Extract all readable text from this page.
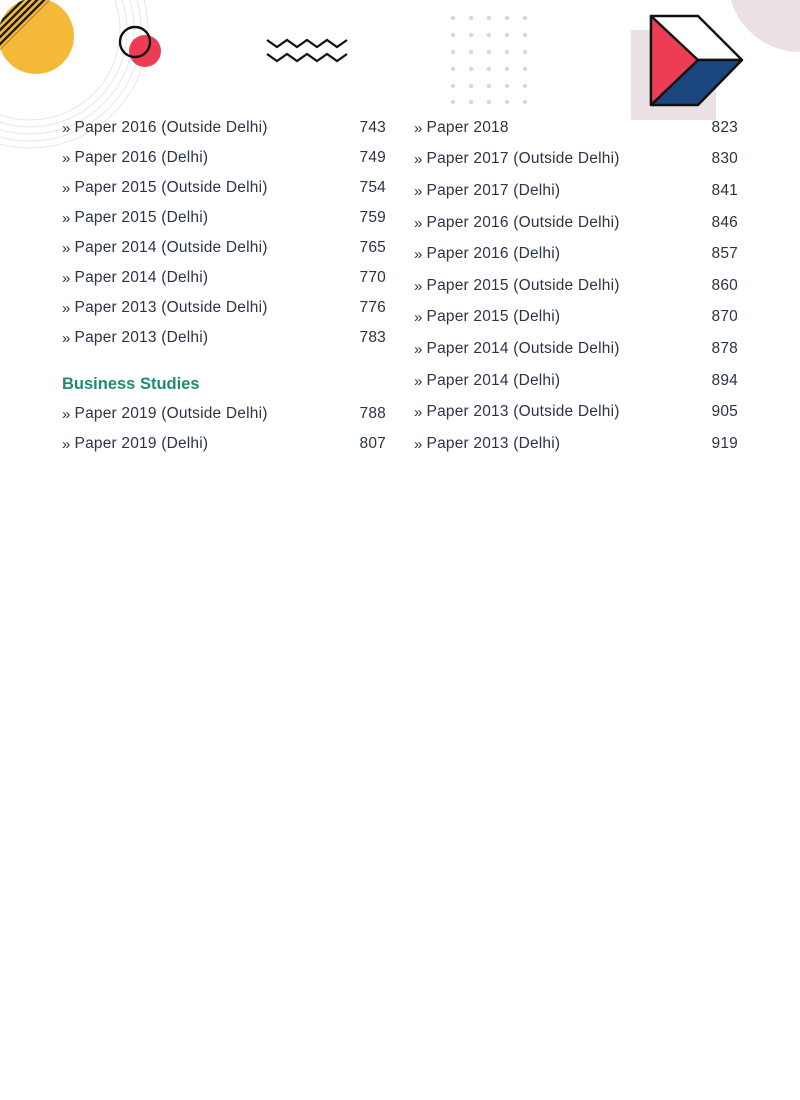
» Paper 2016 (Outside Delhi)	743
» Paper 2016 (Delhi)	749
» Paper 2015 (Outside Delhi)	754
» Paper 2015 (Delhi)	759
» Paper 2014 (Outside Delhi)	765
» Paper 2014 (Delhi)	770
» Paper 2013 (Outside Delhi)	776
» Paper 2013 (Delhi)	783
Business Studies
» Paper 2019 (Outside Delhi)	788
» Paper 2019 (Delhi)	807
» Paper 2018	823
» Paper 2017 (Outside Delhi)	830
» Paper 2017 (Delhi)	841
» Paper 2016 (Outside Delhi)	846
» Paper 2016 (Delhi)	857
» Paper 2015 (Outside Delhi)	860
» Paper 2015 (Delhi)	870
» Paper 2014 (Outside Delhi)	878
» Paper 2014 (Delhi)	894
» Paper 2013 (Outside Delhi)	905
» Paper 2013 (Delhi)	919
